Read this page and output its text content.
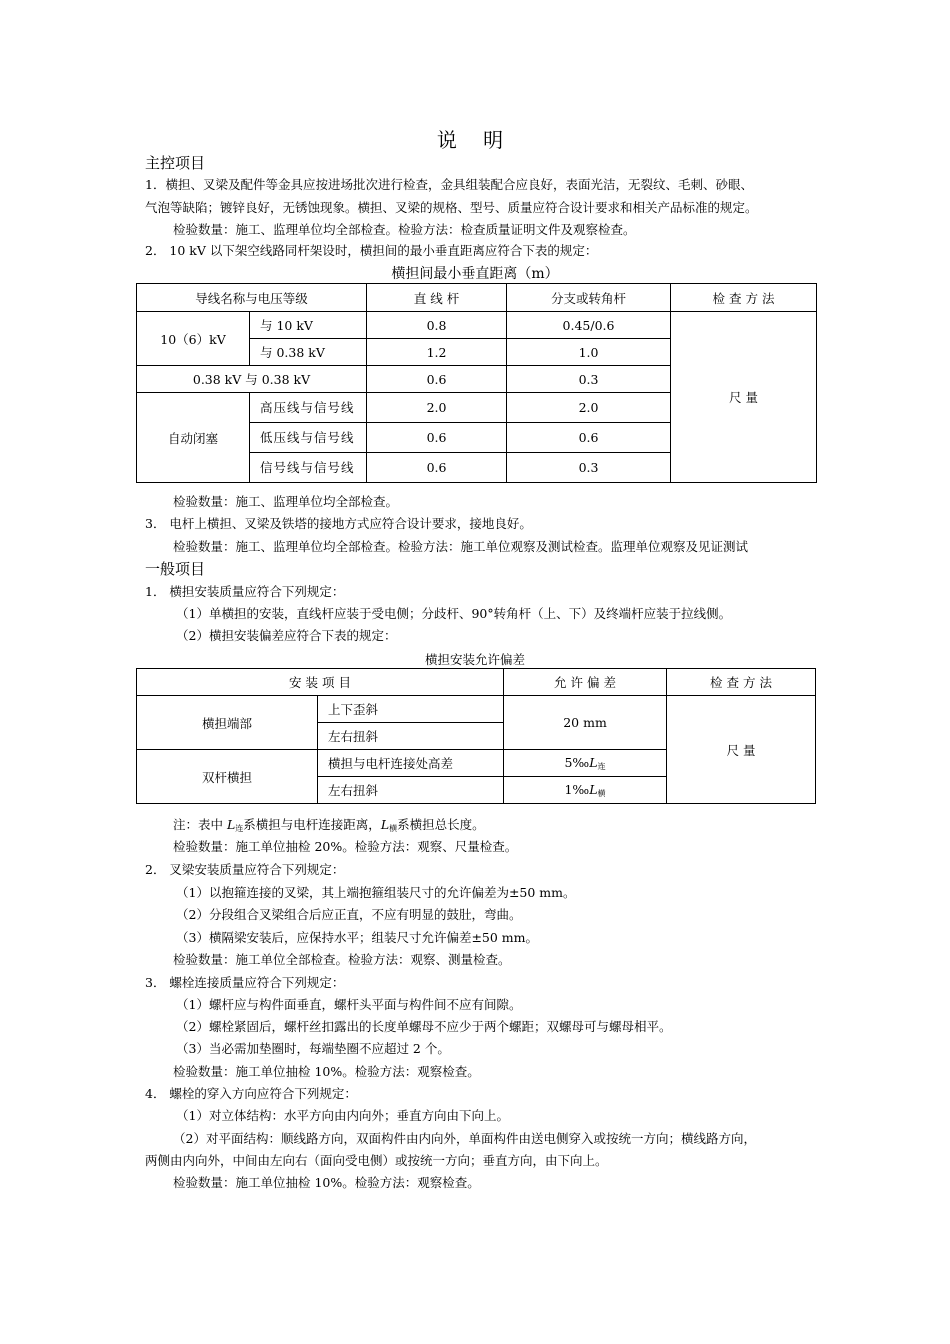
说 明
主控项目
1．横担、叉梁及配件等金具应按进场批次进行检查，金具组装配合应良好，表面光洁，无裂纹、毛刺、砂眼、
气泡等缺陷；镀锌良好，无锈蚀现象。横担、叉梁的规格、型号、质量应符合设计要求和相关产品标准的规定。
检验数量：施工、监理单位均全部检查。检验方法：检查质量证明文件及观察检查。
2． 10 kV 以下架空线路同杆架设时，横担间的最小垂直距离应符合下表的规定：
横担间最小垂直距离（m）
导线名称与电压等级		直 线 杆	分支或转角杆	检 查 方 法
10（6）kV	与 10 kV	0.8	0.45/0.6	尺 量
	与 0.38 kV	1.2	1.0	
0.38 kV 与 0.38 kV		0.6	0.3	
自动闭塞	高压线与信号线	2.0	2.0	
	低压线与信号线	0.6	0.6	
	信号线与信号线	0.6	0.3	
检验数量：施工、监理单位均全部检查。
3． 电杆上横担、叉梁及铁塔的接地方式应符合设计要求，接地良好。
检验数量：施工、监理单位均全部检查。检验方法：施工单位观察及测试检查。监理单位观察及见证测试
一般项目
1． 横担安装质量应符合下列规定：
（1）单横担的安装，直线杆应装于受电侧；分歧杆、90°转角杆（上、下）及终端杆应装于拉线侧。
（2）横担安装偏差应符合下表的规定：
横担安装允许偏差
安 装 项 目		允 许 偏 差	检 查 方 法
横担端部	上下歪斜	20 mm	尺 量
	左右扭斜		
双杆横担	横担与电杆连接处高差	$5‰L_连$
	左右扭斜	$1‰L_横$
注：表中 $L_连$系横担与电杆连接距离，$L_横$系横担总长度。
检验数量：施工单位抽检 20%。检验方法：观察、尺量检查。
2． 叉梁安装质量应符合下列规定：
（1）以抱箍连接的叉梁，其上端抱箍组装尺寸的允许偏差为±50 mm。
（2）分段组合叉梁组合后应正直，不应有明显的鼓肚，弯曲。
（3）横隔梁安装后，应保持水平；组装尺寸允许偏差±50 mm。
检验数量：施工单位全部检查。检验方法：观察、测量检查。
3． 螺栓连接质量应符合下列规定：
（1）螺杆应与构件面垂直，螺杆头平面与构件间不应有间隙。
（2）螺栓紧固后，螺杆丝扣露出的长度单螺母不应少于两个螺距；双螺母可与螺母相平。
（3）当必需加垫圈时，每端垫圈不应超过 2 个。
检验数量：施工单位抽检 10%。检验方法：观察检查。
4． 螺栓的穿入方向应符合下列规定：
（1）对立体结构：水平方向由内向外；垂直方向由下向上。
（2）对平面结构：顺线路方向，双面构件由内向外，单面构件由送电侧穿入或按统一方向；横线路方向，
两侧由内向外，中间由左向右（面向受电侧）或按统一方向；垂直方向，由下向上。
检验数量：施工单位抽检 10%。检验方法：观察检查。
